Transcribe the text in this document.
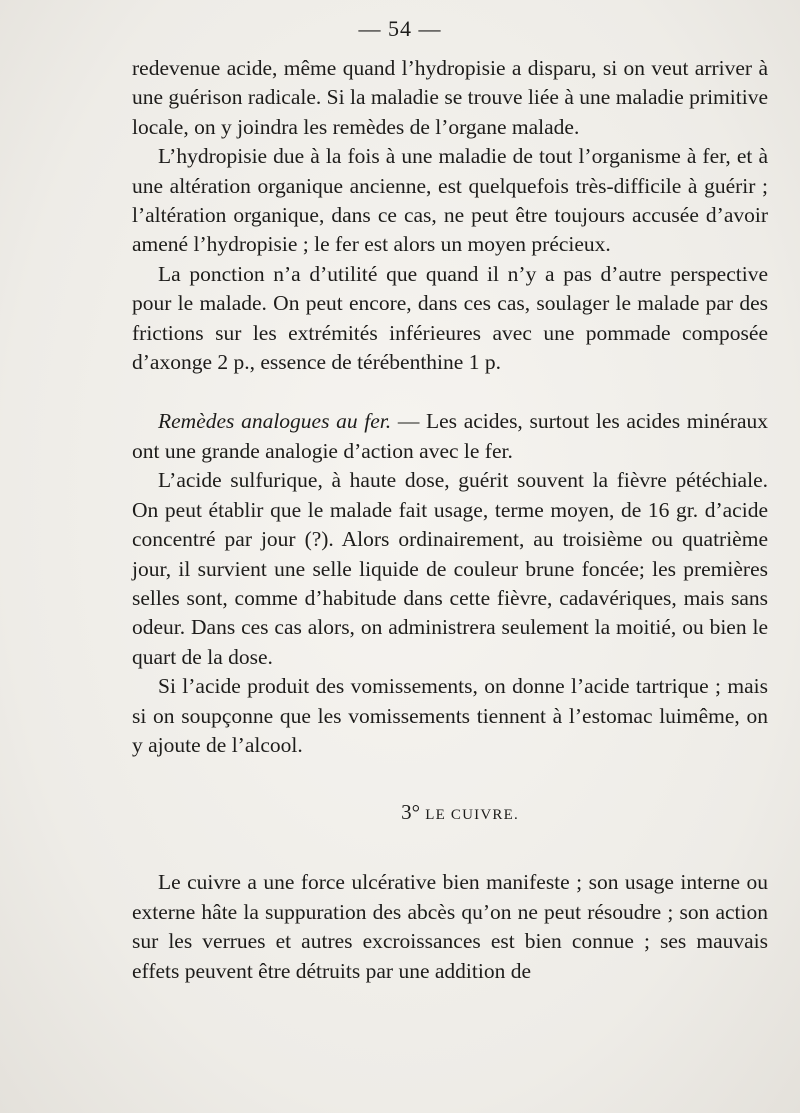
— 54 —

redevenue acide, même quand l’hydropisie a disparu, si on veut arriver à une guérison radicale. Si la maladie se trouve liée à une maladie primitive locale, on y joindra les remèdes de l’organe malade.

L’hydropisie due à la fois à une maladie de tout l’organisme à fer, et à une altération organique ancienne, est quelquefois très-difficile à guérir ; l’altération organique, dans ce cas, ne peut être toujours accusée d’avoir amené l’hydropisie ; le fer est alors un moyen précieux.

La ponction n’a d’utilité que quand il n’y a pas d’autre perspective pour le malade. On peut encore, dans ces cas, soulager le malade par des frictions sur les extrémités inférieures avec une pommade composée d’axonge 2 p., essence de térébenthine 1 p.

Remèdes analogues au fer. — Les acides, surtout les acides minéraux ont une grande analogie d’action avec le fer.

L’acide sulfurique, à haute dose, guérit souvent la fièvre pétéchiale. On peut établir que le malade fait usage, terme moyen, de 16 gr. d’acide concentré par jour (?). Alors ordinairement, au troisième ou quatrième jour, il survient une selle liquide de couleur brune foncée; les premières selles sont, comme d’habitude dans cette fièvre, cadavériques, mais sans odeur. Dans ces cas alors, on administrera seulement la moitié, ou bien le quart de la dose.

Si l’acide produit des vomissements, on donne l’acide tartrique ; mais si on soupçonne que les vomissements tiennent à l’estomac luimême, on y ajoute de l’alcool.

3° LE CUIVRE.

Le cuivre a une force ulcérative bien manifeste ; son usage interne ou externe hâte la suppuration des abcès qu’on ne peut résoudre ; son action sur les verrues et autres excroissances est bien connue ; ses mauvais effets peuvent être détruits par une addition de
